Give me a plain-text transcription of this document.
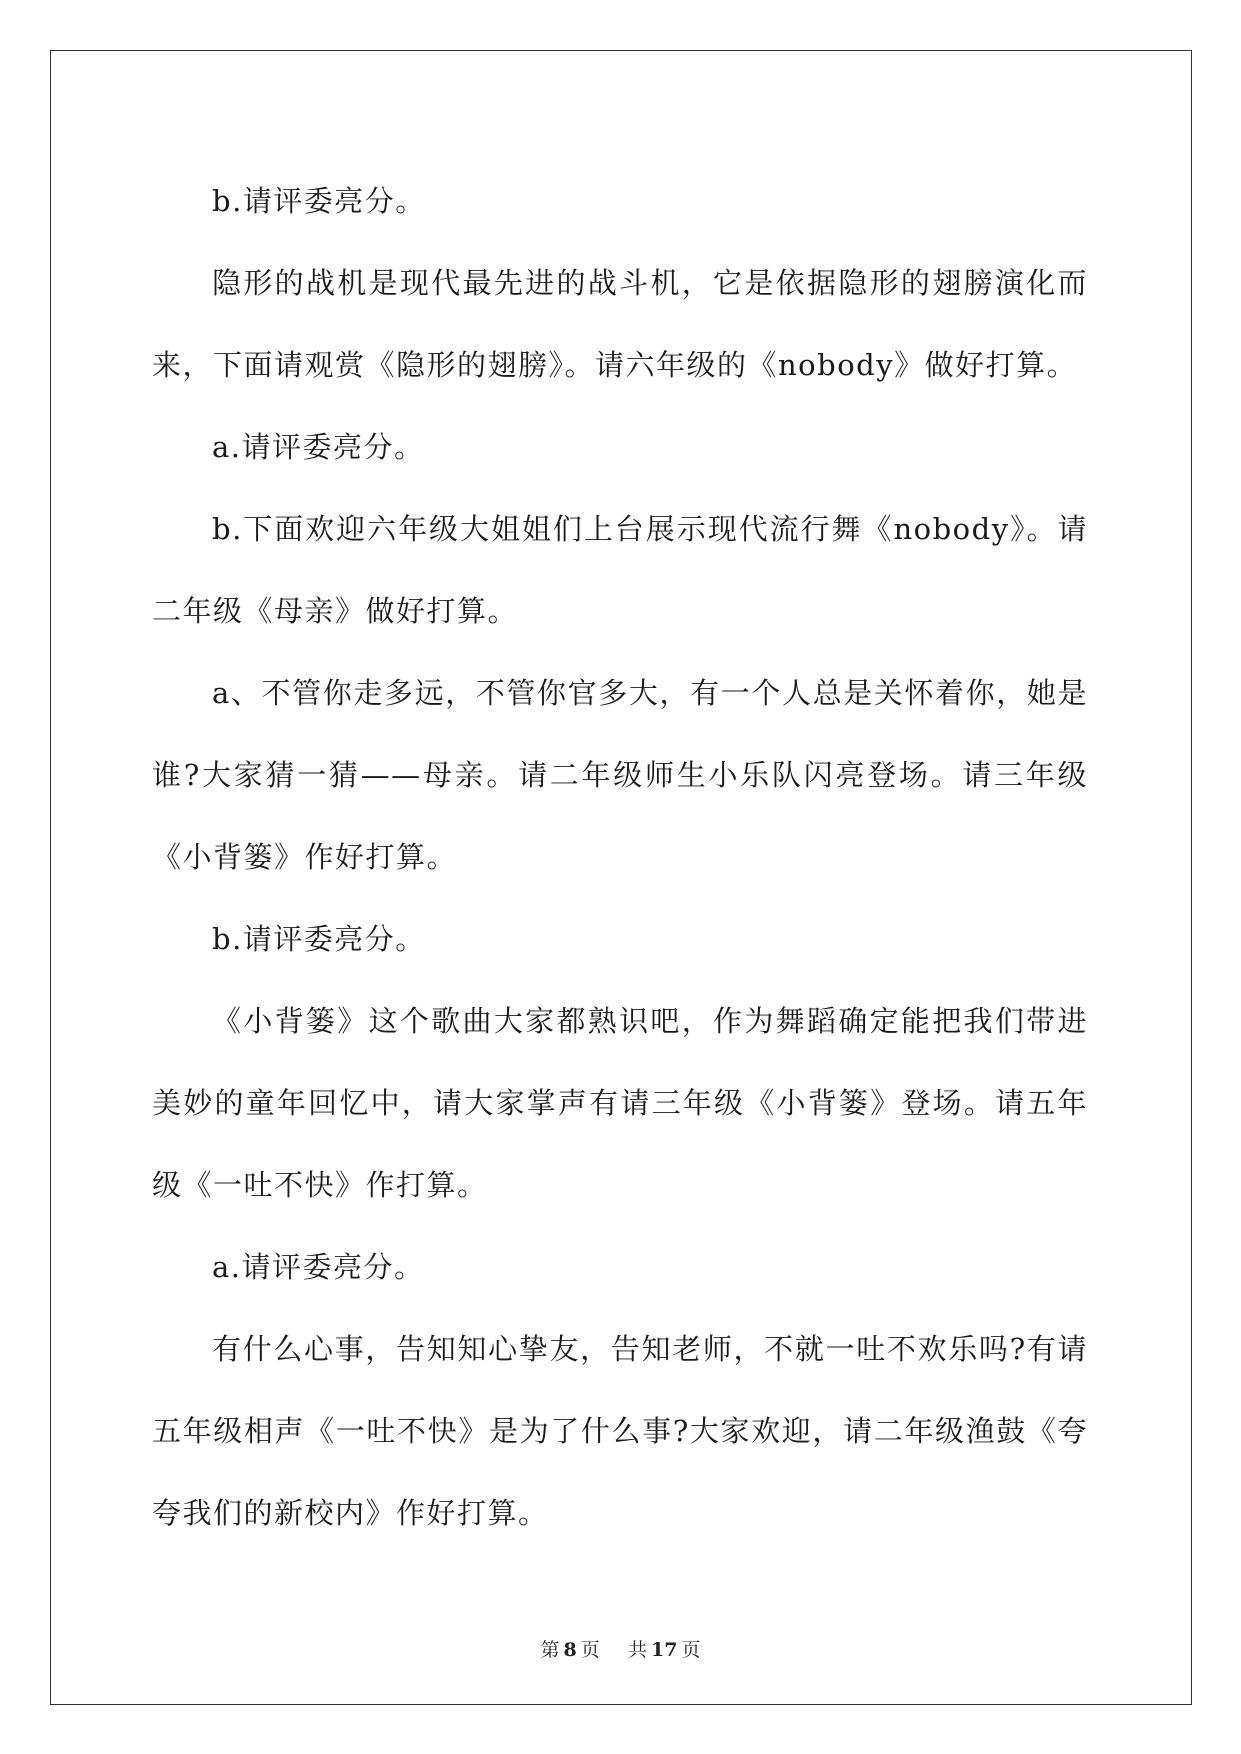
b.请评委亮分。

隐形的战机是现代最先进的战斗机，它是依据隐形的翅膀演化而来，下面请观赏《隐形的翅膀》。请六年级的《nobody》做好打算。

a.请评委亮分。

b.下面欢迎六年级大姐姐们上台展示现代流行舞《nobody》。请二年级《母亲》做好打算。

a、不管你走多远，不管你官多大，有一个人总是关怀着你，她是谁?大家猜一猜——母亲。请二年级师生小乐队闪亮登场。请三年级《小背篓》作好打算。

b.请评委亮分。

《小背篓》这个歌曲大家都熟识吧，作为舞蹈确定能把我们带进美妙的童年回忆中，请大家掌声有请三年级《小背篓》登场。请五年级《一吐不快》作打算。

a.请评委亮分。

有什么心事，告知知心挚友，告知老师，不就一吐不欢乐吗?有请五年级相声《一吐不快》是为了什么事?大家欢迎，请二年级渔鼓《夸夸我们的新校内》作好打算。

第 8 页 共 17 页
